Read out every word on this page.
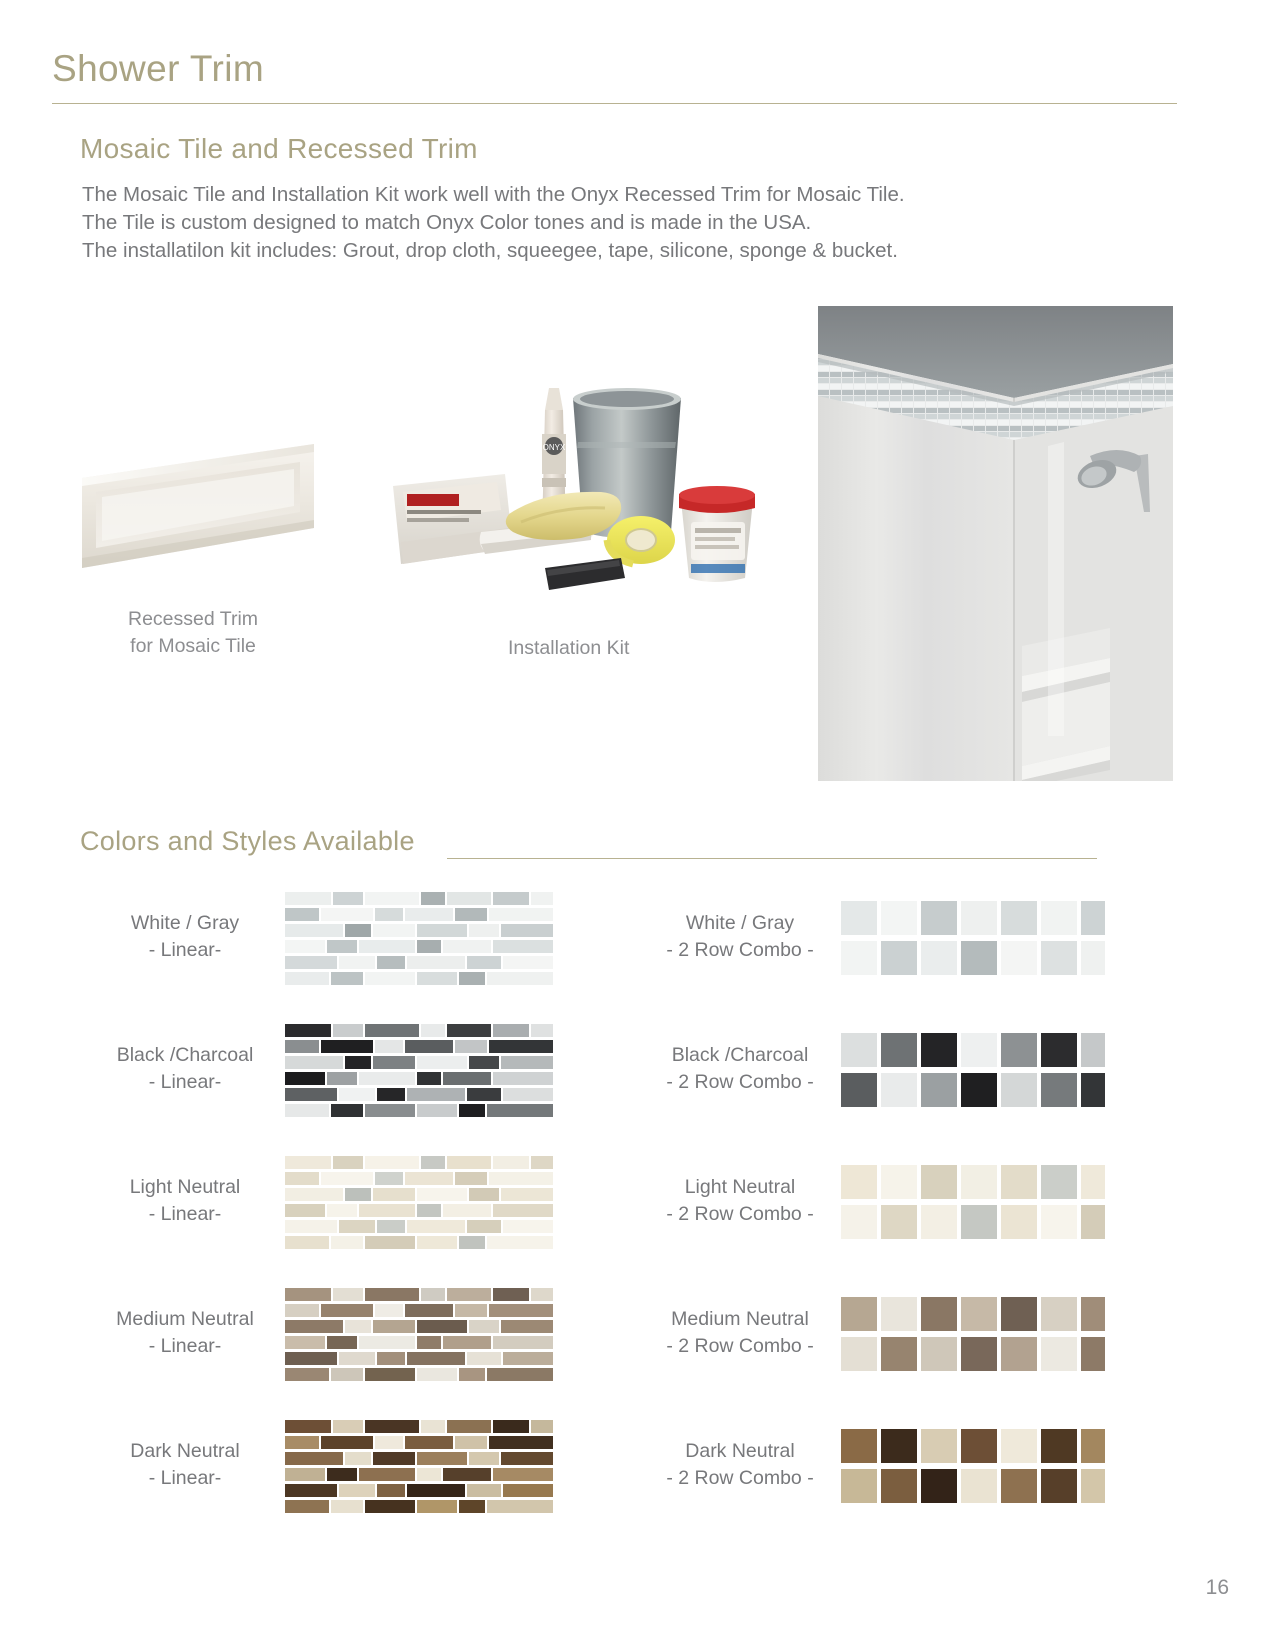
Shower Trim
Mosaic Tile and Recessed Trim
The Mosaic Tile and Installation Kit work well with the Onyx Recessed Trim for Mosaic Tile.
The Tile is custom designed to match Onyx Color tones and is made in the USA.
The installatilon kit includes: Grout, drop cloth, squeegee, tape, silicone, sponge & bucket.
Recessed Trim
for Mosaic Tile
ONYX
Installation Kit
Colors and Styles Available
White / Gray
- Linear-
White / Gray
- 2 Row Combo -
Black /Charcoal
- Linear-
Black /Charcoal
- 2 Row Combo -
Light Neutral
- Linear-
Light Neutral
- 2 Row Combo -
Medium Neutral
- Linear-
Medium Neutral
- 2 Row Combo -
Dark Neutral
- Linear-
Dark Neutral
- 2 Row Combo -
16
